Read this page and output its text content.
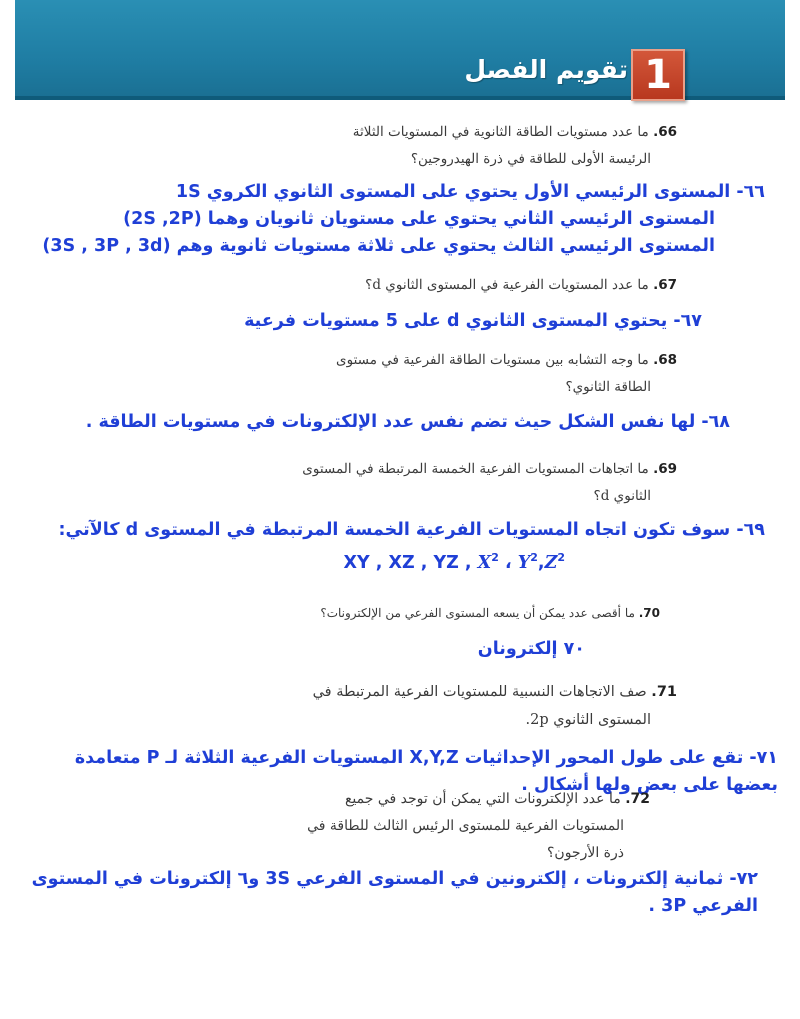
1
تقويم الفصل
66. ما عدد مستويات الطاقة الثانوية في المستويات الثلاثة
الرئيسة الأولى للطاقة في ذرة الهيدروجين؟
٦٦- المستوى الرئيسي الأول يحتوي على المستوى الثانوي الكروي 1S
المستوى الرئيسي الثاني يحتوي على مستويان ثانويان وهما (2S ,2P)
المستوى الرئيسي الثالث يحتوي على ثلاثة مستويات ثانوية وهم (3S , 3P , 3d)
67. ما عدد المستويات الفرعية في المستوى الثانوي d؟
٦٧- يحتوي المستوى الثانوي d على 5 مستويات فرعية
68. ما وجه التشابه بين مستويات الطاقة الفرعية في مستوى
الطاقة الثانوي؟
٦٨- لها نفس الشكل حيث تضم نفس عدد الإلكترونات في مستويات الطاقة .
69. ما اتجاهات المستويات الفرعية الخمسة المرتبطة في المستوى
الثانوي d؟
٦٩- سوف تكون اتجاه المستويات الفرعية الخمسة المرتبطة في المستوى d كالآتي:
XY , XZ , YZ , $X^2$ ، $Y^2,Z^2$
70. ما أقصى عدد يمكن أن يسعه المستوى الفرعي من الإلكترونات؟
٧٠ إلكترونان
71. صف الاتجاهات النسبية للمستويات الفرعية المرتبطة في
المستوى الثانوي 2p.
٧١- تقع على طول المحور الإحداثيات X,Y,Z المستويات الفرعية الثلاثة لـ P متعامدة بعضها على بعض ولها أشكال .
72. ما عدد الإلكترونات التي يمكن أن توجد في جميع
المستويات الفرعية للمستوى الرئيس الثالث للطاقة في
ذرة الأرجون؟
٧٢- ثمانية إلكترونات ، إلكترونين في المستوى الفرعي 3S و٦ إلكترونات في المستوى الفرعي 3P .
